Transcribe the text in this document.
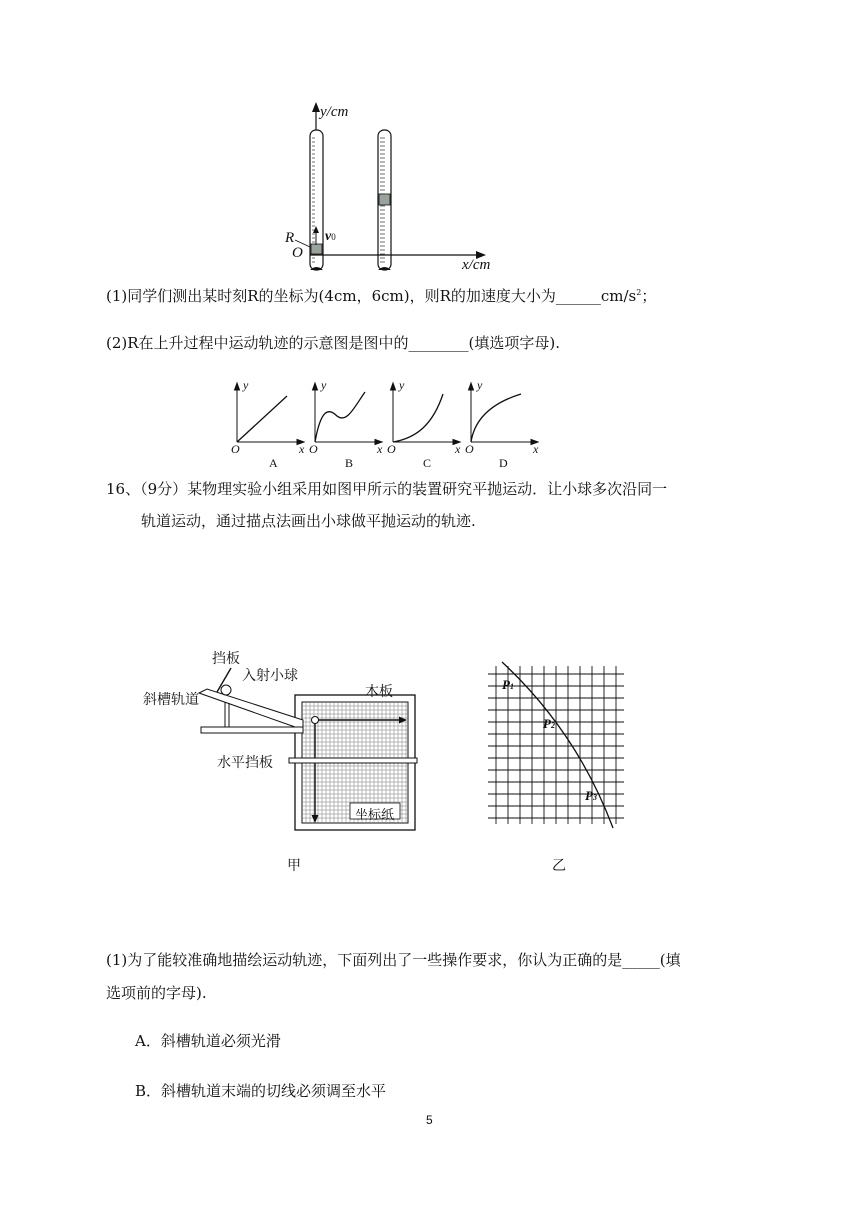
y/cm
x/cm
R
O
v0
(1)同学们测出某时刻R的坐标为(4cm，6cm)，则R的加速度大小为$\_\_\_\_\_\_cm/s^2$；
(2)R在上升过程中运动轨迹的示意图是图中的________(填选项字母).
y	y	y	y
x	x	x	x
O	O	O	O
A	B	C	D
16、（9分）某物理实验小组采用如图甲所示的装置研究平抛运动．让小球多次沿同一
轨道运动，通过描点法画出小球做平抛运动的轨迹.
挡板
入射小球
斜槽轨道	木板
水平挡板
坐标纸
甲
P1
P2
P3
乙
(1)为了能较准确地描绘运动轨迹，下面列出了一些操作要求，你认为正确的是_____(填
选项前的字母).
A．斜槽轨道必须光滑
B．斜槽轨道末端的切线必须调至水平
5
